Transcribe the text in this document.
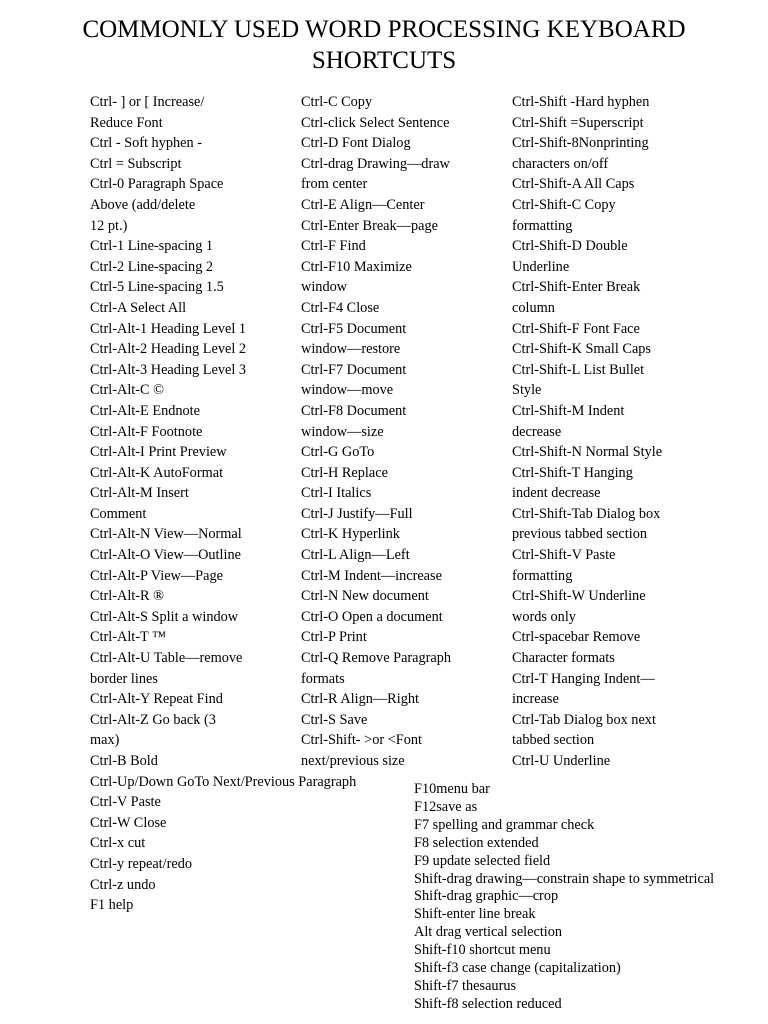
COMMONLY USED WORD PROCESSING KEYBOARD
SHORTCUTS
Ctrl- ] or [ Increase/
Reduce Font
Ctrl - Soft hyphen -
Ctrl = Subscript
Ctrl-0 Paragraph Space
Above (add/delete
12 pt.)
Ctrl-1 Line-spacing 1
Ctrl-2 Line-spacing 2
Ctrl-5 Line-spacing 1.5
Ctrl-A Select All
Ctrl-Alt-1 Heading Level 1
Ctrl-Alt-2 Heading Level 2
Ctrl-Alt-3 Heading Level 3
Ctrl-Alt-C ©
Ctrl-Alt-E Endnote
Ctrl-Alt-F Footnote
Ctrl-Alt-I Print Preview
Ctrl-Alt-K AutoFormat
Ctrl-Alt-M Insert
Comment
Ctrl-Alt-N View—Normal
Ctrl-Alt-O View—Outline
Ctrl-Alt-P View—Page
Ctrl-Alt-R ®
Ctrl-Alt-S Split a window
Ctrl-Alt-T ™
Ctrl-Alt-U Table—remove
border lines
Ctrl-Alt-Y Repeat Find
Ctrl-Alt-Z Go back (3
max)
Ctrl-B Bold
Ctrl-Up/Down GoTo Next/Previous Paragraph
Ctrl-V Paste
Ctrl-W Close
Ctrl-x cut
Ctrl-y repeat/redo
Ctrl-z undo
F1 help
Ctrl-C Copy
Ctrl-click Select Sentence
Ctrl-D Font Dialog
Ctrl-drag Drawing—draw
from center
Ctrl-E Align—Center
Ctrl-Enter Break—page
Ctrl-F Find
Ctrl-F10 Maximize
window
Ctrl-F4 Close
Ctrl-F5 Document
window—restore
Ctrl-F7 Document
window—move
Ctrl-F8 Document
window—size
Ctrl-G GoTo
Ctrl-H Replace
Ctrl-I Italics
Ctrl-J Justify—Full
Ctrl-K Hyperlink
Ctrl-L Align—Left
Ctrl-M Indent—increase
Ctrl-N New document
Ctrl-O Open a document
Ctrl-P Print
Ctrl-Q Remove Paragraph
formats
Ctrl-R Align—Right
Ctrl-S Save
Ctrl-Shift- >or <Font
next/previous size
Ctrl-Shift -Hard hyphen
Ctrl-Shift =Superscript
Ctrl-Shift-8Nonprinting
characters on/off
Ctrl-Shift-A All Caps
Ctrl-Shift-C Copy
formatting
Ctrl-Shift-D Double
Underline
Ctrl-Shift-Enter Break
column
Ctrl-Shift-F Font Face
Ctrl-Shift-K Small Caps
Ctrl-Shift-L List Bullet
Style
Ctrl-Shift-M Indent
decrease
Ctrl-Shift-N Normal Style
Ctrl-Shift-T Hanging
indent decrease
Ctrl-Shift-Tab Dialog box
previous tabbed section
Ctrl-Shift-V Paste
formatting
Ctrl-Shift-W Underline
words only
Ctrl-spacebar Remove
Character formats
Ctrl-T Hanging Indent—
increase
Ctrl-Tab Dialog box next
tabbed section
Ctrl-U Underline
F10menu bar
F12save as
F7 spelling and grammar check
F8 selection extended
F9 update selected field
Shift-drag drawing—constrain shape to symmetrical
Shift-drag graphic—crop
Shift-enter line break
Alt drag vertical selection
Shift-f10 shortcut menu
Shift-f3 case change (capitalization)
Shift-f7 thesaurus
Shift-f8 selection reduced
